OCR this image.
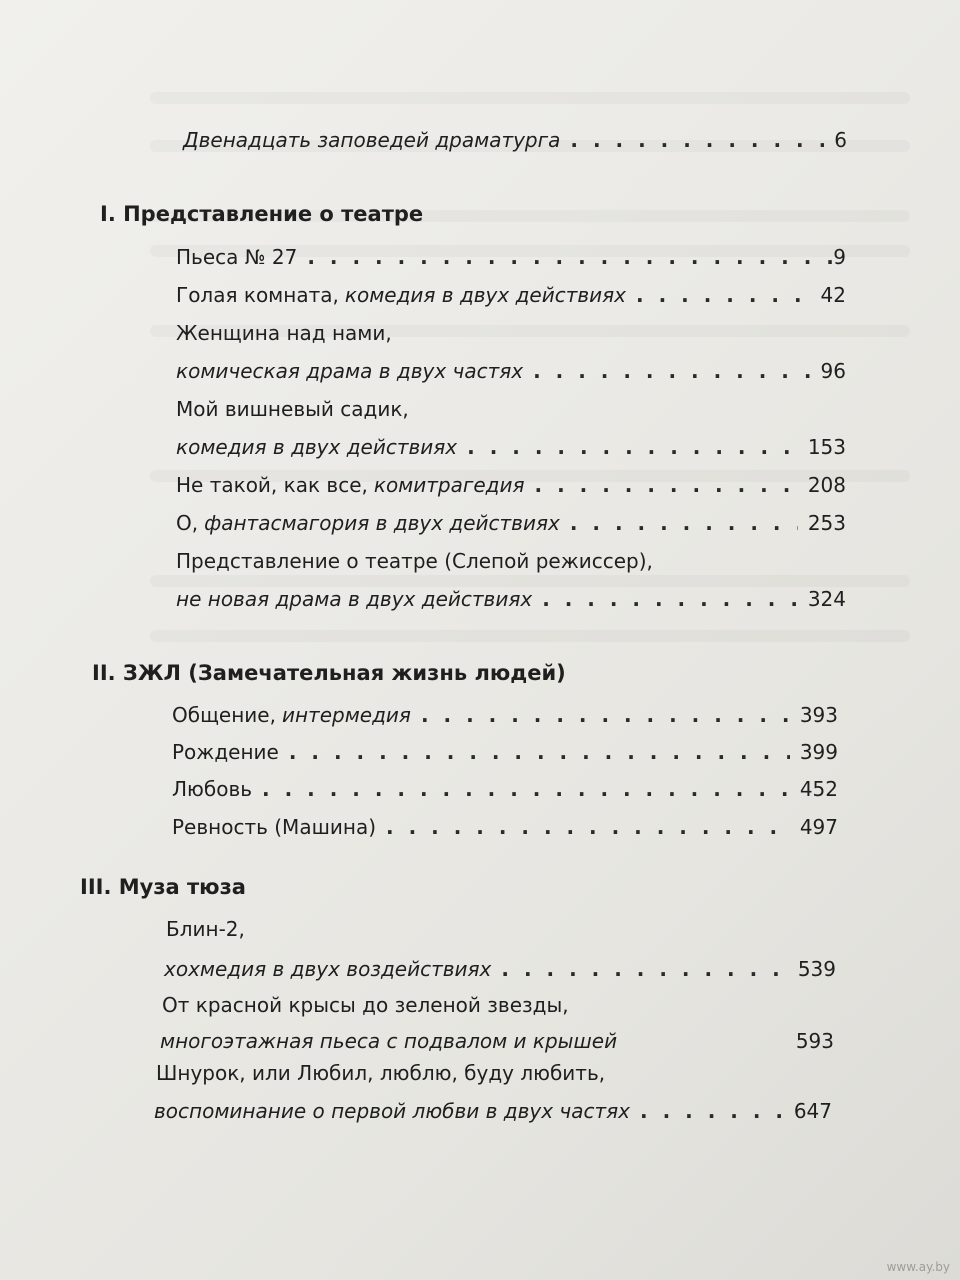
Двенадцать заповедей драматурга . . .	6
I. Представление о театре
Пьеса № 27 . . .	9
Голая комната, комедия в двух действиях . . .	42
Женщина над нами,
комическая драма в двух частях . . .	96
Мой вишневый садик,
комедия в двух действиях . . .	153
Не такой, как все, комитрагедия . . .	208
О, фантасмагория в двух действиях . . .	253
Представление о театре (Слепой режиссер),
не новая драма в двух действиях . . .	324
II. ЗЖЛ (Замечательная жизнь людей)
Общение, интермедия . . .	393
Рождение . . .	399
Любовь . . .	452
Ревность (Машина) . . .	497
III. Муза тюза
Блин-2,
хохмедия в двух воздействиях . . .	539
От красной крысы до зеленой звезды,
многоэтажная пьеса с подвалом и крышей	593
Шнурок, или Любил, люблю, буду любить,
воспоминание о первой любви в двух частях . . .	647
www.ay.by
